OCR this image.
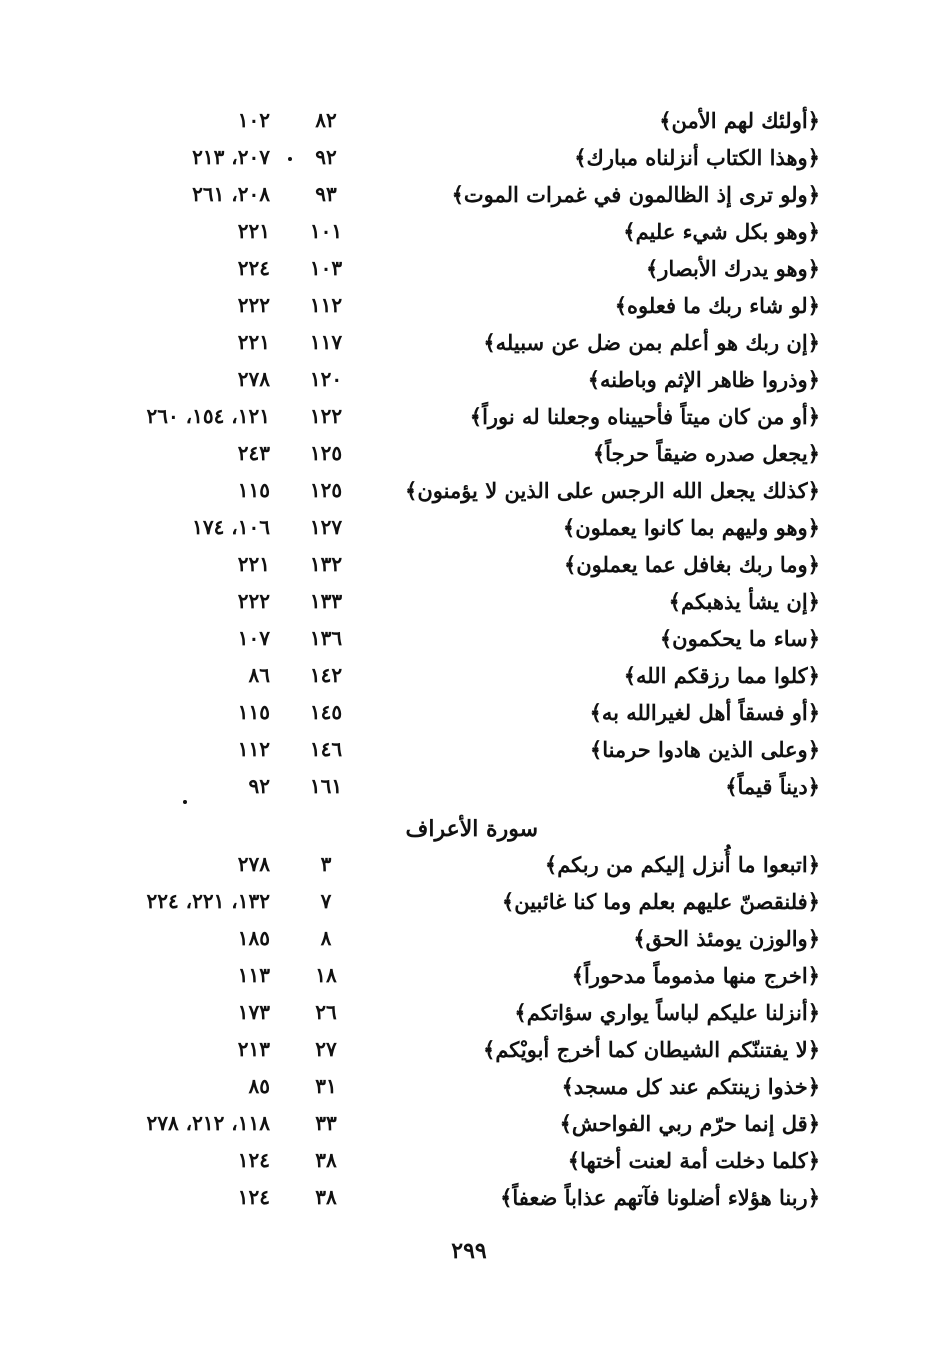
﴿أولئك لهم الأمن﴾
٨٢
١٠٢
﴿وهذا الكتاب أنزلناه مبارك﴾
٩٢
٢٠٧، ٢١٣
﴿ولو ترى إذ الظالمون في غمرات الموت﴾
٩٣
٢٠٨، ٢٦١
﴿وهو بكل شيء عليم﴾
١٠١
٢٢١
﴿وهو يدرك الأبصار﴾
١٠٣
٢٢٤
﴿لو شاء ربك ما فعلوه﴾
١١٢
٢٢٢
﴿إن ربك هو أعلم بمن ضل عن سبيله﴾
١١٧
٢٢١
﴿وذروا ظاهر الإثم وباطنه﴾
١٢٠
٢٧٨
﴿أو من كان ميتاً فأحييناه وجعلنا له نوراً﴾
١٢٢
١٢١، ١٥٤، ٢٦٠
﴿يجعل صدره ضيقاً حرجاً﴾
١٢٥
٢٤٣
﴿كذلك يجعل الله الرجس على الذين لا يؤمنون﴾
١٢٥
١١٥
﴿وهو وليهم بما كانوا يعملون﴾
١٢٧
١٠٦، ١٧٤
﴿وما ربك بغافل عما يعملون﴾
١٣٢
٢٢١
﴿إن يشأ يذهبكم﴾
١٣٣
٢٢٢
﴿ساء ما يحكمون﴾
١٣٦
١٠٧
﴿كلوا مما رزقكم الله﴾
١٤٢
٨٦
﴿أو فسقاً أهل لغيرالله به﴾
١٤٥
١١٥
﴿وعلى الذين هادوا حرمنا﴾
١٤٦
١١٢
﴿ديناً قيماً﴾
١٦١
٩٢
سورة الأعراف
﴿اتبعوا ما أُنزل إليكم من ربكم﴾
٣
٢٧٨
﴿فلنقصنّ عليهم بعلم وما كنا غائبين﴾
٧
١٣٢، ٢٢١، ٢٢٤
﴿والوزن يومئذ الحق﴾
٨
١٨٥
﴿اخرج منها مذموماً مدحوراً﴾
١٨
١١٣
﴿أنزلنا عليكم لباساً يواري سؤاتكم﴾
٢٦
١٧٣
﴿لا يفتننّكم الشيطان كما أخرج أبويْكم﴾
٢٧
٢١٣
﴿خذوا زينتكم عند كل مسجد﴾
٣١
٨٥
﴿قل إنما حرّم ربي الفواحش﴾
٣٣
١١٨، ٢١٢، ٢٧٨
﴿كلما دخلت أمة لعنت أختها﴾
٣٨
١٢٤
﴿ربنا هؤلاء أضلونا فآتهم عذاباً ضعفاً﴾
٣٨
١٢٤
٢٩٩
